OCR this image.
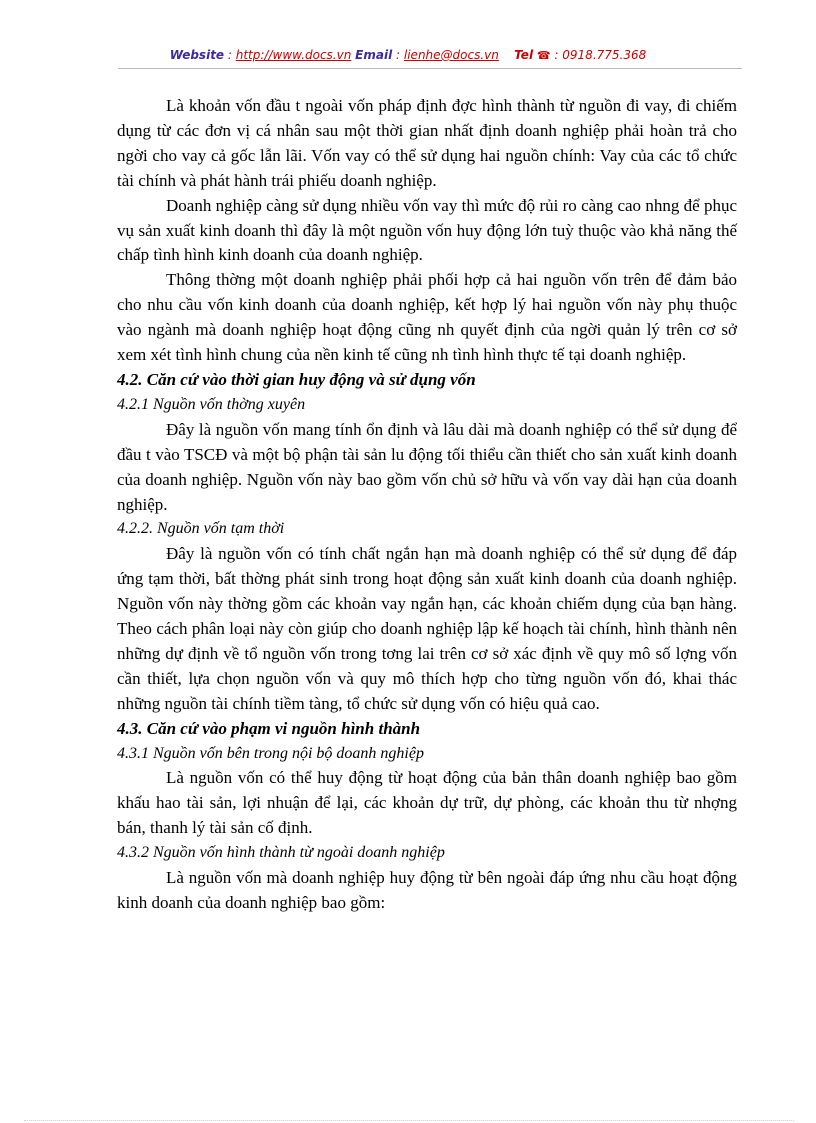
Website : http://www.docs.vn Email : lienhe@docs.vn Tel ☎ : 0918.775.368

Là khoản vốn đầu t ngoài vốn pháp định đợc hình thành từ nguồn đi vay, đi chiếm dụng từ các đơn vị cá nhân sau một thời gian nhất định doanh nghiệp phải hoàn trả cho ngời cho vay cả gốc lẫn lãi. Vốn vay có thể sử dụng hai nguồn chính: Vay của các tổ chức tài chính và phát hành trái phiếu doanh nghiệp.

Doanh nghiệp càng sử dụng nhiều vốn vay thì mức độ rủi ro càng cao nhng để phục vụ sản xuất kinh doanh thì đây là một nguồn vốn huy động lớn tuỳ thuộc vào khả năng thế chấp tình hình kinh doanh của doanh nghiệp.

Thông thờng một doanh nghiệp phải phối hợp cả hai nguồn vốn trên để đảm bảo cho nhu cầu vốn kinh doanh của doanh nghiệp, kết hợp lý hai nguồn vốn này phụ thuộc vào ngành mà doanh nghiệp hoạt động cũng nh quyết định của ngời quản lý trên cơ sở xem xét tình hình chung của nền kinh tế cũng nh tình hình thực tế tại doanh nghiệp.

4.2. Căn cứ vào thời gian huy động và sử dụng vốn

4.2.1 Nguồn vốn thờng xuyên

Đây là nguồn vốn mang tính ổn định và lâu dài mà doanh nghiệp có thể sử dụng để đầu t vào TSCĐ và một bộ phận tài sản lu động tối thiểu cần thiết cho sản xuất kinh doanh của doanh nghiệp. Nguồn vốn này bao gồm vốn chủ sở hữu và vốn vay dài hạn của doanh nghiệp.

4.2.2. Nguồn vốn tạm thời

Đây là nguồn vốn có tính chất ngắn hạn mà doanh nghiệp có thể sử dụng để đáp ứng tạm thời, bất thờng phát sinh trong hoạt động sản xuất kinh doanh của doanh nghiệp. Nguồn vốn này thờng gồm các khoản vay ngắn hạn, các khoản chiếm dụng của bạn hàng. Theo cách phân loại này còn giúp cho doanh nghiệp lập kế hoạch tài chính, hình thành nên những dự định về tổ nguồn vốn trong tơng lai trên cơ sở xác định về quy mô số lợng vốn cần thiết, lựa chọn nguồn vốn và quy mô thích hợp cho từng nguồn vốn đó, khai thác những nguồn tài chính tiềm tàng, tổ chức sử dụng vốn có hiệu quả cao.

4.3. Căn cứ vào phạm vi nguồn hình thành

4.3.1 Nguồn vốn bên trong nội bộ doanh nghiệp

Là nguồn vốn có thể huy động từ hoạt động của bản thân doanh nghiệp bao gồm khấu hao tài sản, lợi nhuận để lại, các khoản dự trữ, dự phòng, các khoản thu từ nhợng bán, thanh lý tài sản cố định.

4.3.2 Nguồn vốn hình thành từ ngoài doanh nghiệp

Là nguồn vốn mà doanh nghiệp huy động từ bên ngoài đáp ứng nhu cầu hoạt động kinh doanh của doanh nghiệp bao gồm:
